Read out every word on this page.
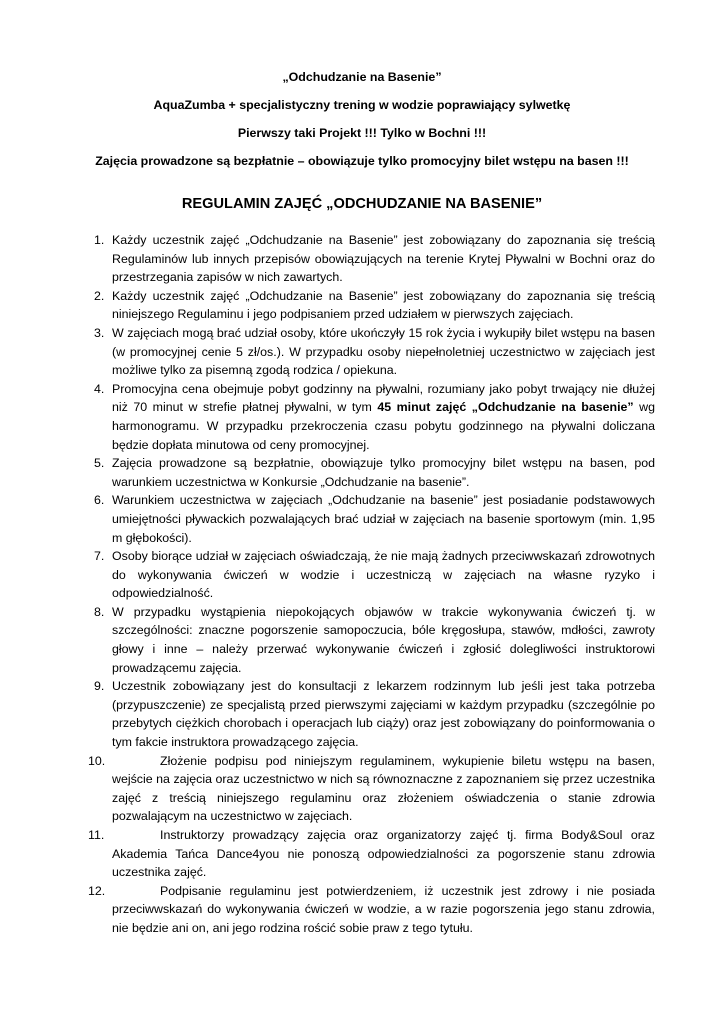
„Odchudzanie na Basenie”
AquaZumba + specjalistyczny trening w wodzie poprawiający sylwetkę
Pierwszy taki Projekt !!! Tylko w Bochni !!!
Zajęcia prowadzone są bezpłatnie – obowiązuje tylko promocyjny bilet wstępu na basen !!!
REGULAMIN ZAJĘĆ „ODCHUDZANIE NA BASENIE”
1. Każdy uczestnik zajęć „Odchudzanie na Basenie” jest zobowiązany do zapoznania się treścią Regulaminów lub innych przepisów obowiązujących na terenie Krytej Pływalni w Bochni oraz do przestrzegania zapisów w nich zawartych.
2. Każdy uczestnik zajęć „Odchudzanie na Basenie” jest zobowiązany do zapoznania się treścią niniejszego Regulaminu i jego podpisaniem przed udziałem w pierwszych zajęciach.
3. W zajęciach mogą brać udział osoby, które ukończyły 15 rok życia i wykupiły bilet wstępu na basen (w promocyjnej cenie 5 zł/os.). W przypadku osoby niepełnoletniej uczestnictwo w zajęciach jest możliwe tylko za pisemną zgodą rodzica / opiekuna.
4. Promocyjna cena obejmuje pobyt godzinny na pływalni, rozumiany jako pobyt trwający nie dłużej niż 70 minut w strefie płatnej pływalni, w tym 45 minut zajęć „Odchudzanie na basenie” wg harmonogramu. W przypadku przekroczenia czasu pobytu godzinnego na pływalni doliczana będzie dopłata minutowa od ceny promocyjnej.
5. Zajęcia prowadzone są bezpłatnie, obowiązuje tylko promocyjny bilet wstępu na basen, pod warunkiem uczestnictwa w Konkursie „Odchudzanie na basenie”.
6. Warunkiem uczestnictwa w zajęciach „Odchudzanie na basenie” jest posiadanie podstawowych umiejętności pływackich pozwalających brać udział w zajęciach na basenie sportowym (min. 1,95 m głębokości).
7. Osoby biorące udział w zajęciach oświadczają, że nie mają żadnych przeciwwskazań zdrowotnych do wykonywania ćwiczeń w wodzie i uczestniczą w zajęciach na własne ryzyko i odpowiedzialność.
8. W przypadku wystąpienia niepokojących objawów w trakcie wykonywania ćwiczeń tj. w szczególności: znaczne pogorszenie samopoczucia, bóle kręgosłupa, stawów, mdłości, zawroty głowy i inne – należy przerwać wykonywanie ćwiczeń i zgłosić dolegliwości instruktorowi prowadzącemu zajęcia.
9. Uczestnik zobowiązany jest do konsultacji z lekarzem rodzinnym lub jeśli jest taka potrzeba (przypuszczenie) ze specjalistą przed pierwszymi zajęciami w każdym przypadku (szczególnie po przebytych ciężkich chorobach i operacjach lub ciąży) oraz jest zobowiązany do poinformowania o tym fakcie instruktora prowadzącego zajęcia.
10.	Złożenie podpisu pod niniejszym regulaminem, wykupienie biletu wstępu na basen, wejście na zajęcia oraz uczestnictwo w nich są równoznaczne z zapoznaniem się przez uczestnika zajęć z treścią niniejszego regulaminu oraz złożeniem oświadczenia o stanie zdrowia pozwalającym na uczestnictwo w zajęciach.
11.	Instruktorzy prowadzący zajęcia oraz organizatorzy zajęć tj. firma Body&Soul oraz Akademia Tańca Dance4you nie ponoszą odpowiedzialności za pogorszenie stanu zdrowia uczestnika zajęć.
12.	Podpisanie regulaminu jest potwierdzeniem, iż uczestnik jest zdrowy i nie posiada przeciwwskazań do wykonywania ćwiczeń w wodzie, a w razie pogorszenia jego stanu zdrowia, nie będzie ani on, ani jego rodzina rościć sobie praw z tego tytułu.
